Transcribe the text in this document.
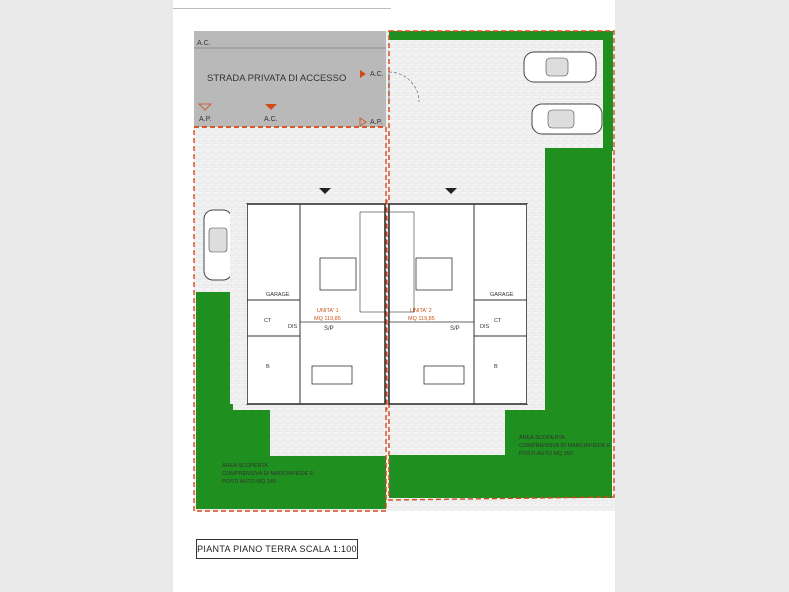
STRADA PRIVATA DI ACCESSO
A.C.
A.C.
A.C.
A.P.	A.P.
UNITA' 1
MQ 119,85
GARAGE
S/P
DIS
CT
B
UNITA' 2
MQ 119,85
GARAGE
S/P	DIS
CT
B
AREA SCOPERTA
COMPRENSIVA DI MARCIAPIEDE E
POSTI AUTO MQ 145
AREA SCOPERTA
COMPRENSIVA DI MARCIAPIEDE E
POSTI AUTO MQ 250
PIANTA PIANO TERRA SCALA 1:100
